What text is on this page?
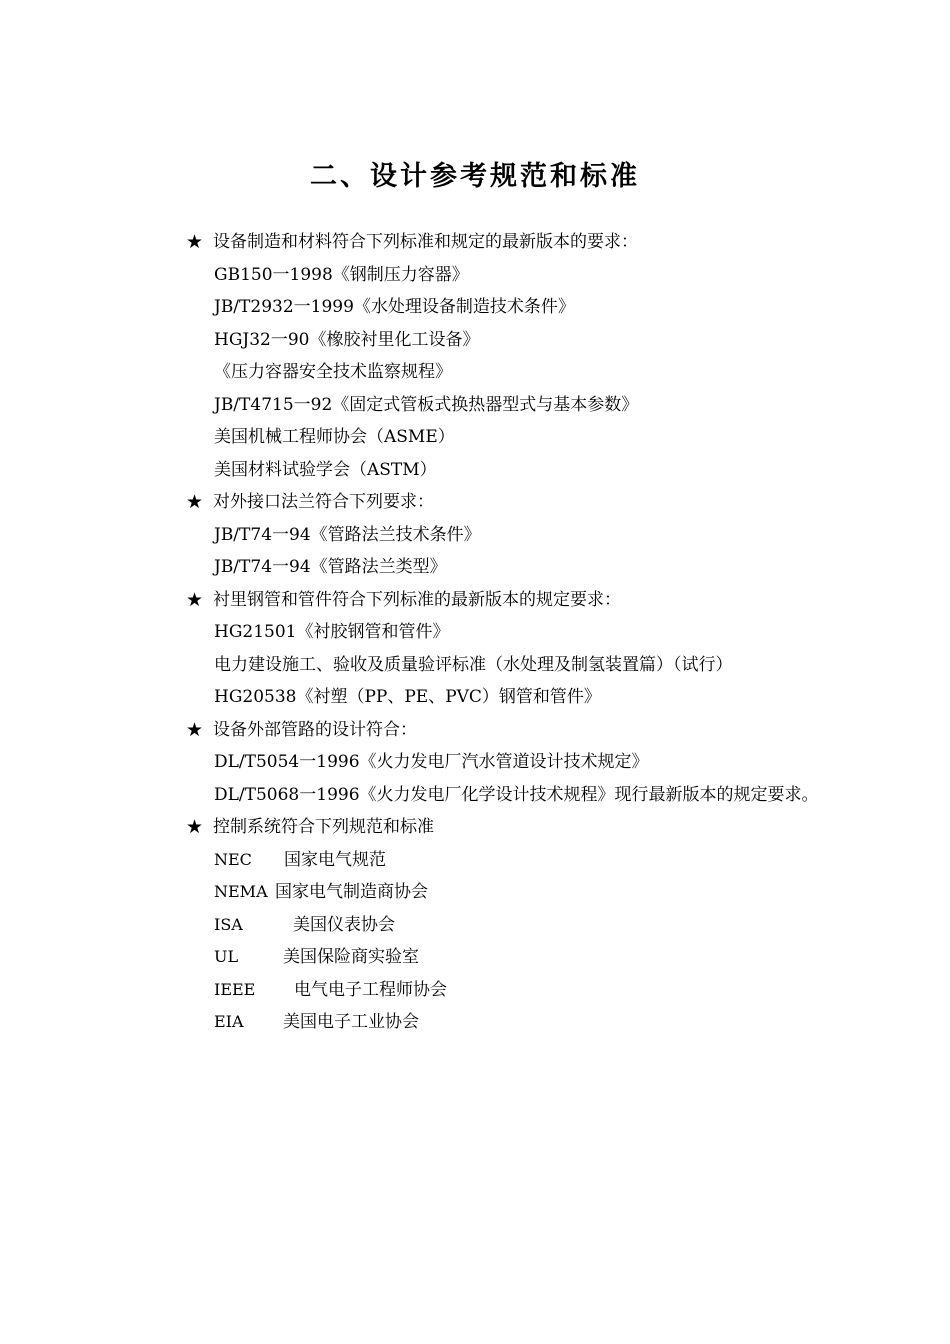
二、设计参考规范和标准
★ 设备制造和材料符合下列标准和规定的最新版本的要求：
GB150一1998《钢制压力容器》
JB/T2932一1999《水处理设备制造技术条件》
HGJ32一90《橡胶衬里化工设备》
《压力容器安全技术监察规程》
JB/T4715一92《固定式管板式换热器型式与基本参数》
美国机械工程师协会（ASME）
美国材料试验学会（ASTM）
★ 对外接口法兰符合下列要求：
JB/T74一94《管路法兰技术条件》
JB/T74一94《管路法兰类型》
★ 衬里钢管和管件符合下列标准的最新版本的规定要求：
HG21501《衬胶钢管和管件》
电力建设施工、验收及质量验评标准（水处理及制氢装置篇）（试行）
HG20538《衬塑（PP、PE、PVC）钢管和管件》
★ 设备外部管路的设计符合：
DL/T5054一1996《火力发电厂汽水管道设计技术规定》
DL/T5068一1996《火力发电厂化学设计技术规程》现行最新版本的规定要求。
★ 控制系统符合下列规范和标准
NEC	国家电气规范
NEMA 国家电气制造商协会
ISA	美国仪表协会
UL	美国保险商实验室
IEEE	电气电子工程师协会
EIA	美国电子工业协会
